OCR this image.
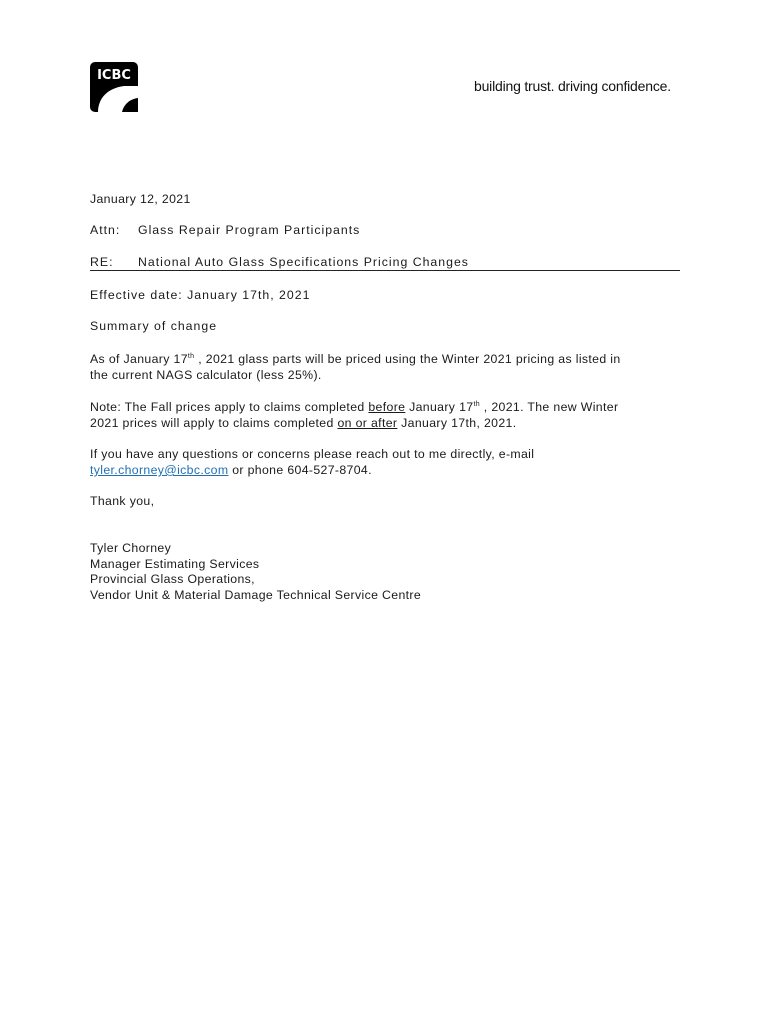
ICBC
building trust. driving confidence.
January 12, 2021
Attn: Glass Repair Program Participants
RE: National Auto Glass Specifications Pricing Changes
Effective date: January 17th, 2021
Summary of change
As of January 17th , 2021 glass parts will be priced using the Winter 2021 pricing as listed in
the current NAGS calculator (less 25%).
Note: The Fall prices apply to claims completed before January 17th , 2021. The new Winter
2021 prices will apply to claims completed on or after January 17th, 2021.
If you have any questions or concerns please reach out to me directly, e-mail
tyler.chorney@icbc.com or phone 604-527-8704.
Thank you,
Tyler Chorney
Manager Estimating Services
Provincial Glass Operations,
Vendor Unit & Material Damage Technical Service Centre
